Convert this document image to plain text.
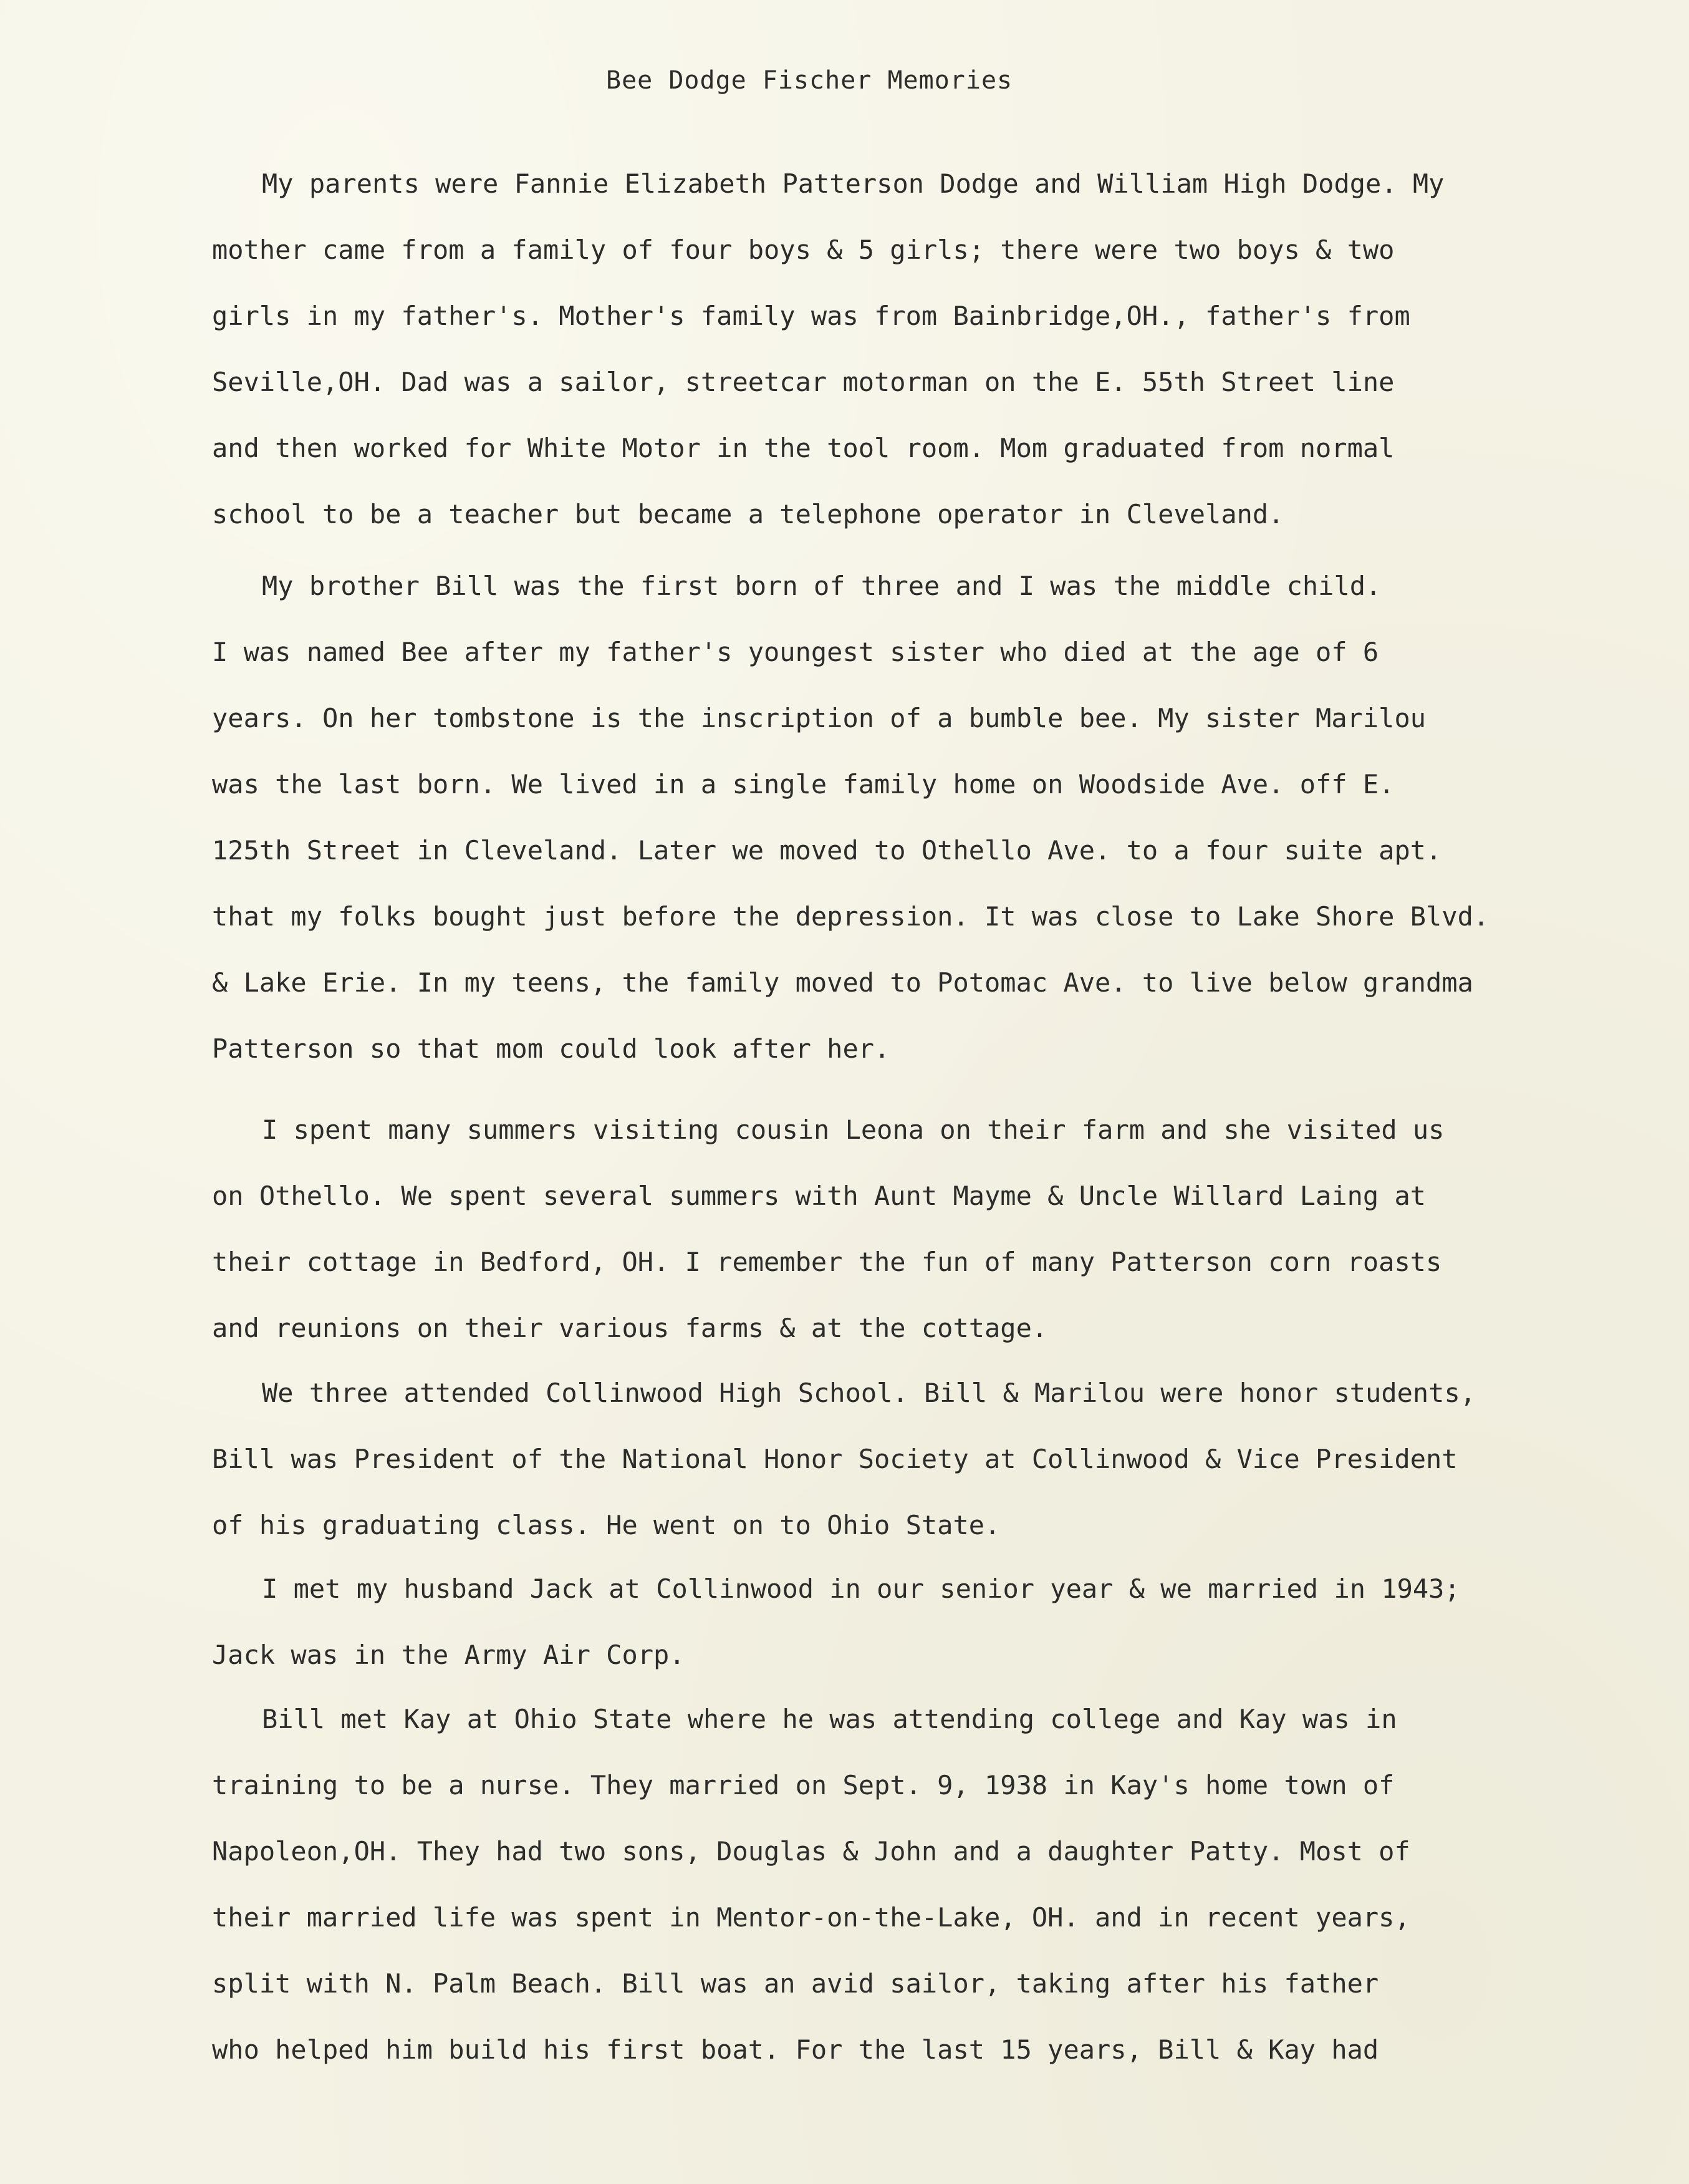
Bee Dodge Fischer Memories
My parents were Fannie Elizabeth Patterson Dodge and William High Dodge. My
mother came from a family of four boys & 5 girls; there were two boys & two
girls in my father's. Mother's family was from Bainbridge,OH., father's from
Seville,OH. Dad was a sailor, streetcar motorman on the E. 55th Street line
and then worked for White Motor in the tool room. Mom graduated from normal
school to be a teacher but became a telephone operator in Cleveland.
My brother Bill was the first born of three and I was the middle child.
I was named Bee after my father's youngest sister who died at the age of 6
years. On her tombstone is the inscription of a bumble bee. My sister Marilou
was the last born. We lived in a single family home on Woodside Ave. off E.
125th Street in Cleveland. Later we moved to Othello Ave. to a four suite apt.
that my folks bought just before the depression. It was close to Lake Shore Blvd.
& Lake Erie. In my teens, the family moved to Potomac Ave. to live below grandma
Patterson so that mom could look after her.
I spent many summers visiting cousin Leona on their farm and she visited us
on Othello. We spent several summers with Aunt Mayme & Uncle Willard Laing at
their cottage in Bedford, OH. I remember the fun of many Patterson corn roasts
and reunions on their various farms & at the cottage.
We three attended Collinwood High School. Bill & Marilou were honor students,
Bill was President of the National Honor Society at Collinwood & Vice President
of his graduating class. He went on to Ohio State.
I met my husband Jack at Collinwood in our senior year & we married in 1943;
Jack was in the Army Air Corp.
Bill met Kay at Ohio State where he was attending college and Kay was in
training to be a nurse. They married on Sept. 9, 1938 in Kay's home town of
Napoleon,OH. They had two sons, Douglas & John and a daughter Patty. Most of
their married life was spent in Mentor-on-the-Lake, OH. and in recent years,
split with N. Palm Beach. Bill was an avid sailor, taking after his father
who helped him build his first boat. For the last 15 years, Bill & Kay had
